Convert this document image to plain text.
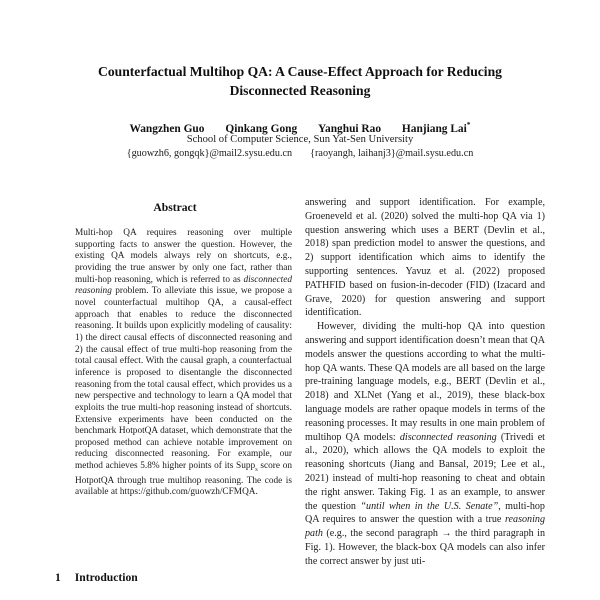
Counterfactual Multihop QA: A Cause-Effect Approach for Reducing Disconnected Reasoning
Wangzhen Guo Qinkang Gong Yanghui Rao Hanjiang Lai*
School of Computer Science, Sun Yat-Sen University
{guowzh6, gongqk}@mail2.sysu.edu.cn {raoyangh, laihanj3}@mail.sysu.edu.cn
Abstract
Multi-hop QA requires reasoning over multiple supporting facts to answer the question. However, the existing QA models always rely on shortcuts, e.g., providing the true answer by only one fact, rather than multi-hop reasoning, which is referred to as disconnected reasoning problem. To alleviate this issue, we propose a novel counterfactual multihop QA, a causal-effect approach that enables to reduce the disconnected reasoning. It builds upon explicitly modeling of causality: 1) the direct causal effects of disconnected reasoning and 2) the causal effect of true multi-hop reasoning from the total causal effect. With the causal graph, a counterfactual inference is proposed to disentangle the disconnected reasoning from the total causal effect, which provides us a new perspective and technology to learn a QA model that exploits the true multi-hop reasoning instead of shortcuts. Extensive experiments have been conducted on the benchmark HotpotQA dataset, which demonstrate that the proposed method can achieve notable improvement on reducing disconnected reasoning. For example, our method achieves 5.8% higher points of its Supp$_s$ score on HotpotQA through true multihop reasoning. The code is available at https://github.com/guowzh/CFMQA.
1 Introduction

answering and support identification. For example, Groeneveld et al. (2020) solved the multi-hop QA via 1) question answering which uses a BERT (Devlin et al., 2018) span prediction model to answer the questions, and 2) support identification which aims to identify the supporting sentences. Yavuz et al. (2022) proposed PATHFID based on fusion-in-decoder (FID) (Izacard and Grave, 2020) for question answering and support identification.

However, dividing the multi-hop QA into question answering and support identification doesn’t mean that QA models answer the questions according to what the multi-hop QA wants. These QA models are all based on the large pre-training language models, e.g., BERT (Devlin et al., 2018) and XLNet (Yang et al., 2019), these black-box language models are rather opaque models in terms of the reasoning processes. It may results in one main problem of multihop QA models: disconnected reasoning (Trivedi et al., 2020), which allows the QA models to exploit the reasoning shortcuts (Jiang and Bansal, 2019; Lee et al., 2021) instead of multi-hop reasoning to cheat and obtain the right answer. Taking Fig. 1 as an example, to answer the question “until when in the U.S. Senate”, multi-hop QA requires to answer the question with a true reasoning path (e.g., the second paragraph → the third paragraph in Fig. 1). However, the black-box QA models can also infer the correct answer by just uti-
